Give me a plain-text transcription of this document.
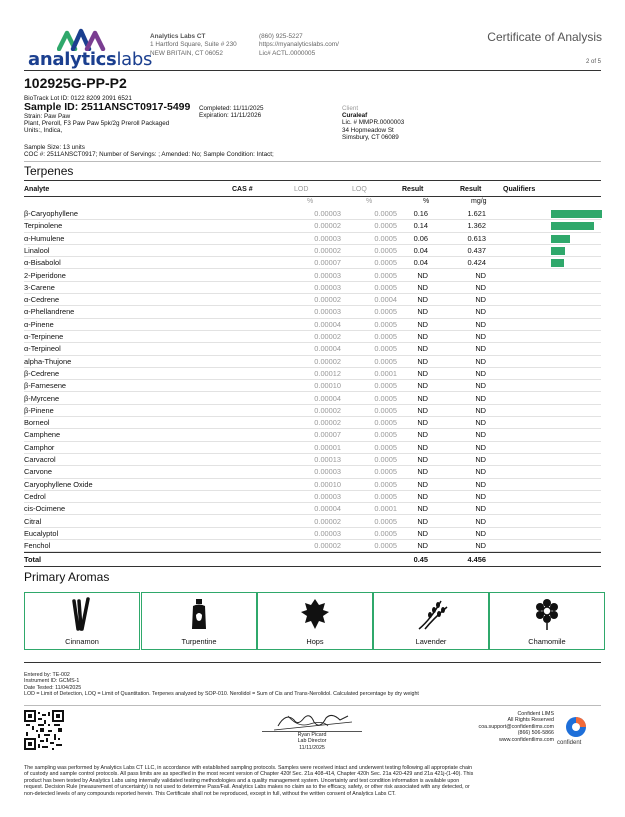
analyticslabs
Analytics Labs CT
1 Hartford Square, Suite # 230
NEW BRITAIN, CT 06052
(860) 925-5227
https://myanalyticslabs.com/
Lic# ACTL.0000005
Certificate of Analysis
2 of 5
102925G-PP-P2
BioTrack Lot ID: 0122 8209 2091 6521
Sample ID: 2511ANSCT0917-5499
Strain: Paw Paw
Plant, Preroll, F3 Paw Paw 5pk/2g Preroll Packaged
Units:, Indica,
Completed: 11/11/2025
Expiration: 11/11/2026
Client
Curaleaf
Lic. # MMPR.0000003
34 Hopmeadow St
Simsbury, CT 06089
Sample Size: 13 units
COC #: 2511ANSCT0917; Number of Servings: ; Amended: No; Sample Condition: Intact;
Terpenes
Analyte	CAS #	LOD	LOQ	Result	Result	Qualifiers
%	%	%	mg/g
β-Caryophyllene	0.00003	0.0005	0.16	1.621
Terpinolene	0.00002	0.0005	0.14	1.362
α-Humulene	0.00003	0.0005	0.06	0.613
Linalool	0.00002	0.0005	0.04	0.437
α-Bisabolol	0.00007	0.0005	0.04	0.424
2-Piperidone	0.00003	0.0005	ND	ND
3-Carene	0.00003	0.0005	ND	ND
α-Cedrene	0.00002	0.0004	ND	ND
α-Phellandrene	0.00003	0.0005	ND	ND
α-Pinene	0.00004	0.0005	ND	ND
α-Terpinene	0.00002	0.0005	ND	ND
α-Terpineol	0.00004	0.0005	ND	ND
alpha-Thujone	0.00002	0.0005	ND	ND
β-Cedrene	0.00012	0.0001	ND	ND
β-Farnesene	0.00010	0.0005	ND	ND
β-Myrcene	0.00004	0.0005	ND	ND
β-Pinene	0.00002	0.0005	ND	ND
Borneol	0.00002	0.0005	ND	ND
Camphene	0.00007	0.0005	ND	ND
Camphor	0.00001	0.0005	ND	ND
Carvacrol	0.00013	0.0005	ND	ND
Carvone	0.00003	0.0005	ND	ND
Caryophyllene Oxide	0.00010	0.0005	ND	ND
Cedrol	0.00003	0.0005	ND	ND
cis-Ocimene	0.00004	0.0001	ND	ND
Citral	0.00002	0.0005	ND	ND
Eucalyptol	0.00003	0.0005	ND	ND
Fenchol	0.00002	0.0005	ND	ND
Total	0.45	4.456
Primary Aromas
Cinnamon	Turpentine	Hops	Lavender	Chamomile
Entered by: TE-002
Instrument ID: GCMS-1
Date Tested: 11/04/2025
LOD = Limit of Detection, LOQ = Limit of Quantitation. Terpenes analyzed by SOP-010. Nerolidol = Sum of Cis and Trans-Nerolidol. Calculated percentage by dry weight
Ryan Picard
Lab Director
11/11/2025
Confident LIMS
All Rights Reserved
coa.support@confidentlims.com
(866) 506-5866
www.confidentlims.com
confident
The sampling was performed by Analytics Labs CT LLC, in accordance with established sampling protocols. Samples were received intact and underwent testing following all appropriate chain
of custody and sample control protocols. All pass limits are as specified in the most recent version of Chapter 420f Sec. 21a 408-414, Chapter 420h Sec. 21a 420-429 and 21a 421j-(1-40). This
product has been tested by Analytics Labs using internally validated testing methodologies and a quality management system. Uncertainty and test condition information is available upon
request. Decision Rule (measurement of uncertainty) is not used to determine Pass/Fail. Analytics Labs makes no claim as to the efficacy, safety, or other risk associated with any detected, or
non-detected levels of any compounds reported herein. This Certificate shall not be reproduced, except in full, without the written consent of Analytics Labs CT.
